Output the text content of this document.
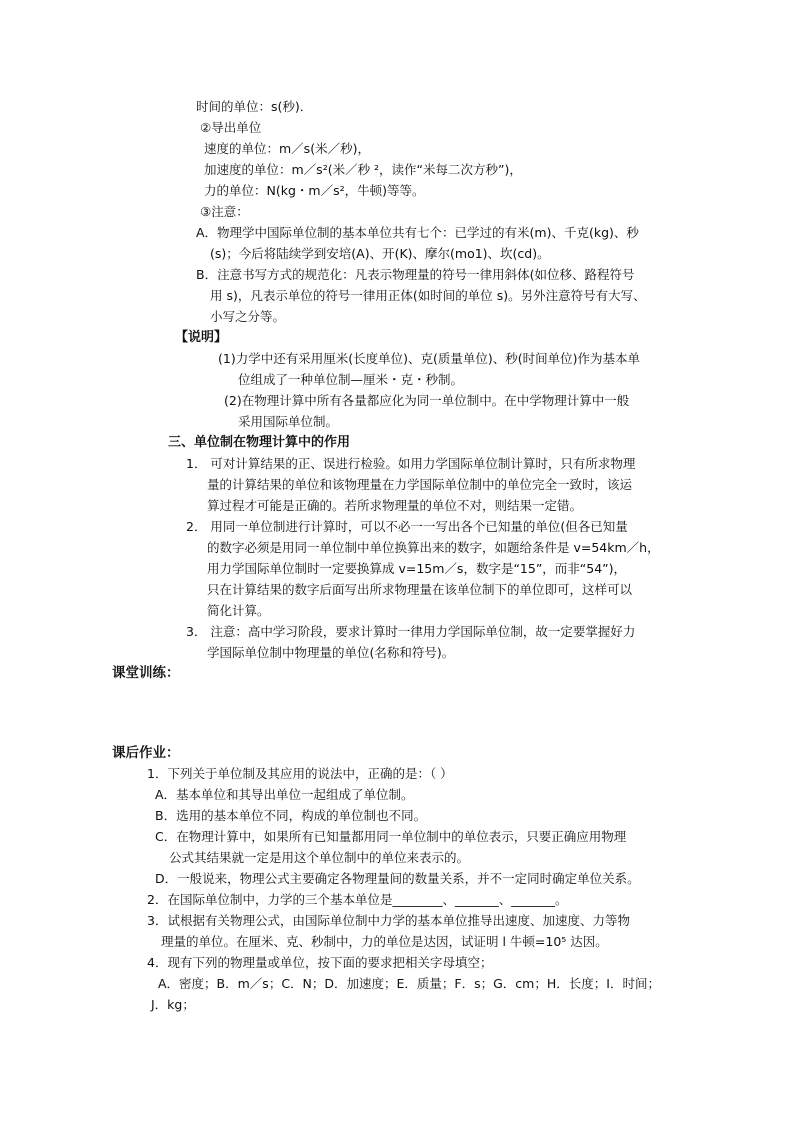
时间的单位：s(秒)．
②导出单位
速度的单位：m／s(米／秒)，
加速度的单位：m／s²(米／秒 ²，读作“米每二次方秒”)，
力的单位：N(kg・m／s²，牛顿)等等。
③注意：
A．物理学中国际单位制的基本单位共有七个：已学过的有米(m)、千克(kg)、秒
(s)；今后将陆续学到安培(A)、开(K)、摩尔(mo1)、坎(cd)。
B．注意书写方式的规范化：凡表示物理量的符号一律用斜体(如位移、路程符号
用 s)，凡表示单位的符号一律用正体(如时间的单位 s)。另外注意符号有大写、
小写之分等。
【说明】
(1)力学中还有采用厘米(长度单位)、克(质量单位)、秒(时间单位)作为基本单
位组成了一种单位制—厘米・克・秒制。
(2)在物理计算中所有各量都应化为同一单位制中。在中学物理计算中一般
采用国际单位制。
三、单位制在物理计算中的作用
1． 可对计算结果的正、误进行检验。如用力学国际单位制计算时，只有所求物理
量的计算结果的单位和该物理量在力学国际单位制中的单位完全一致时，该运
算过程才可能是正确的。若所求物理量的单位不对，则结果一定错。
2． 用同一单位制进行计算时，可以不必一一写出各个已知量的单位(但各已知量
的数字必须是用同一单位制中单位换算出来的数字，如题给条件是 v=54km／h，
用力学国际单位制时一定要换算成 v=15m／s，数字是“15”，而非“54”)，
只在计算结果的数字后面写出所求物理量在该单位制下的单位即可，这样可以
简化计算。
3． 注意：高中学习阶段，要求计算时一律用力学国际单位制，故一定要掌握好力
学国际单位制中物理量的单位(名称和符号)。
课堂训练：
课后作业：
1．下列关于单位制及其应用的说法中，正确的是：（ ）
A．基本单位和其导出单位一起组成了单位制。
B．选用的基本单位不同，构成的单位制也不同。
C．在物理计算中，如果所有已知量都用同一单位制中的单位表示，只要正确应用物理
公式其结果就一定是用这个单位制中的单位来表示的。
D．一般说来，物理公式主要确定各物理量间的数量关系，并不一定同时确定单位关系。
2．在国际单位制中，力学的三个基本单位是________、_______、_______。
3．试根据有关物理公式，由国际单位制中力学的基本单位推导出速度、加速度、力等物
理量的单位。在厘米、克、秒制中，力的单位是达因，试证明 l 牛顿=10⁵ 达因。
4．现有下列的物理量或单位，按下面的要求把相关字母填空；
A．密度；B．m／s；C．N；D．加速度；E．质量；F．s；G．cm；H．长度；I．时间；
J．kg；
